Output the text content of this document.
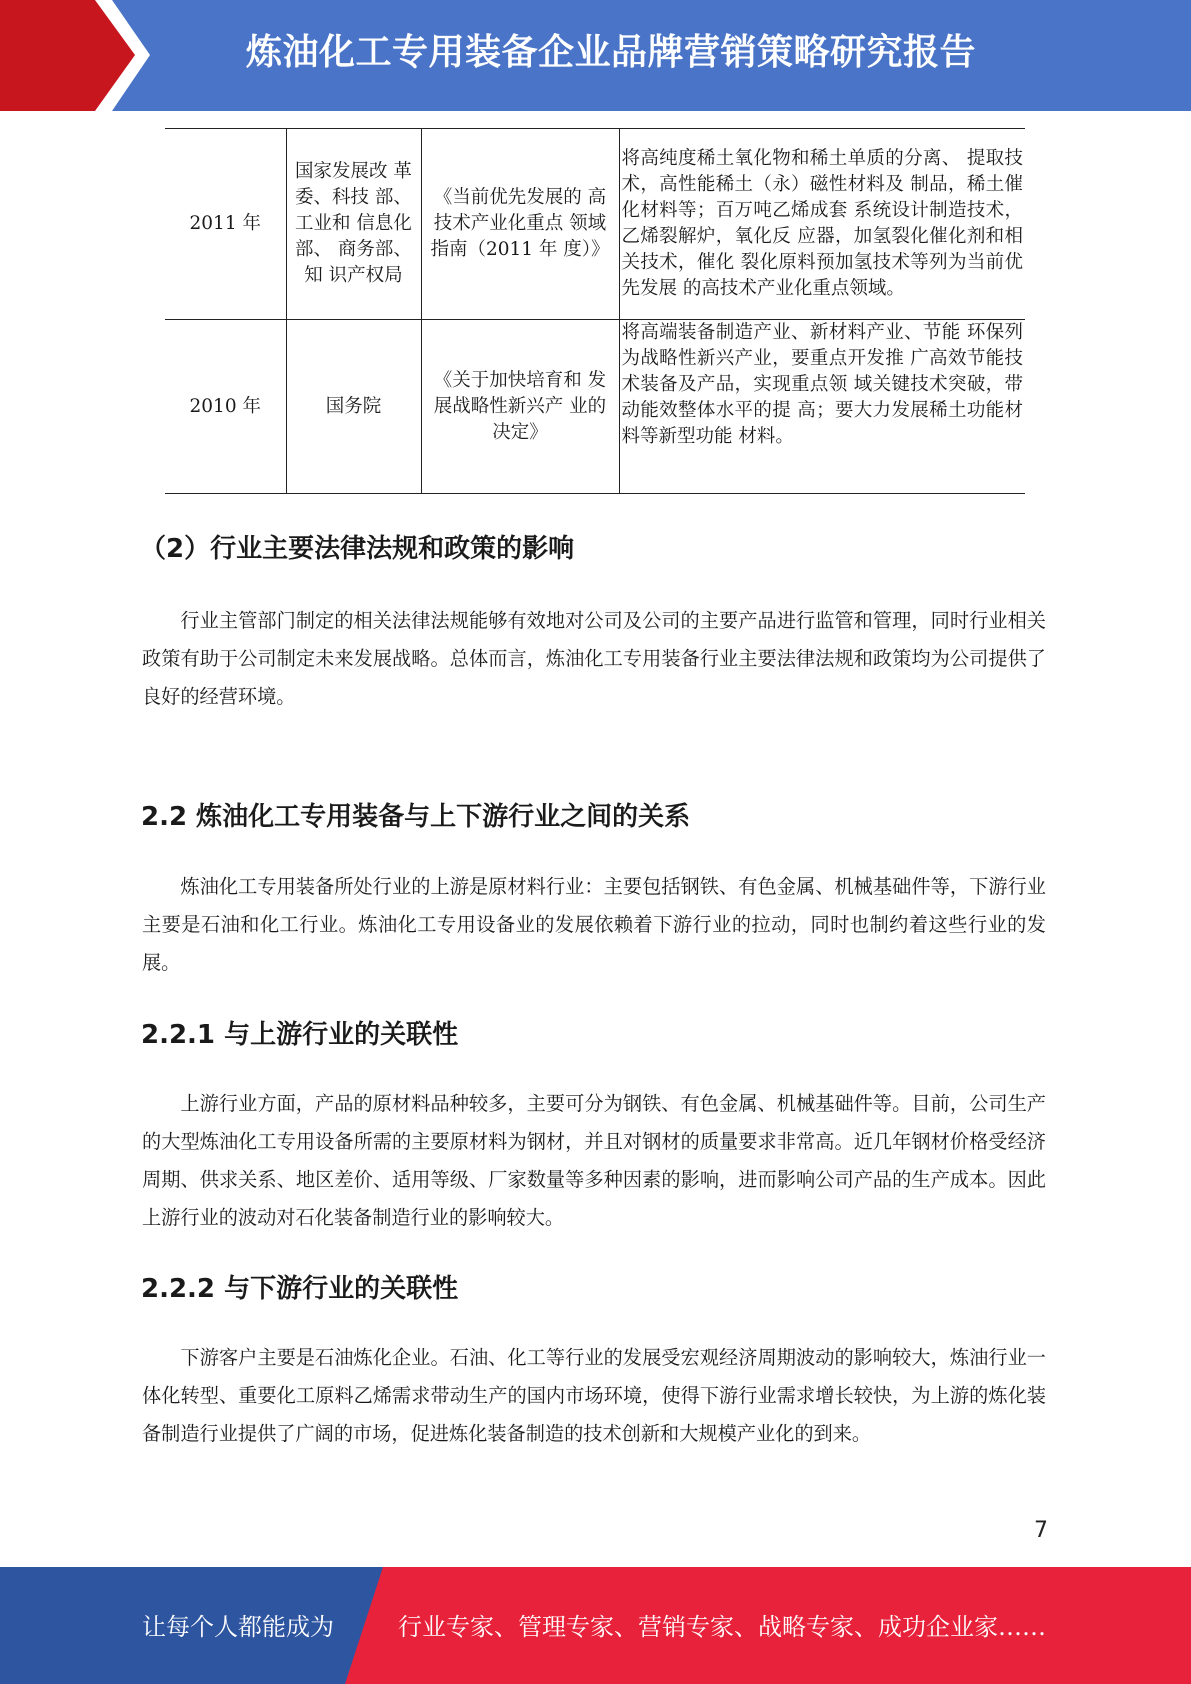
炼油化工专用装备企业品牌营销策略研究报告
2011 年	国家发展改 革委、科技 部、工业和 信息化部、 商务部、知 识产权局	《当前优先发展的 高技术产业化重点 领域指南（2011 年 度）》	将高纯度稀土氧化物和稀土单质的分离、 提取技术，高性能稀土（永）磁性材料及 制品，稀土催化材料等；百万吨乙烯成套 系统设计制造技术，乙烯裂解炉，氧化反 应器，加氢裂化催化剂和相关技术，催化 裂化原料预加氢技术等列为当前优先发展 的高技术产业化重点领域。
2010 年	国务院	《关于加快培育和 发展战略性新兴产 业的决定》	将高端装备制造产业、新材料产业、节能 环保列为战略性新兴产业，要重点开发推 广高效节能技术装备及产品，实现重点领 域关键技术突破，带动能效整体水平的提 高；要大力发展稀土功能材料等新型功能 材料。
（2）行业主要法律法规和政策的影响

行业主管部门制定的相关法律法规能够有效地对公司及公司的主要产品进行监管和管理，同时行业相关政策有助于公司制定未来发展战略。总体而言，炼油化工专用装备行业主要法律法规和政策均为公司提供了良好的经营环境。

2.2 炼油化工专用装备与上下游行业之间的关系

炼油化工专用装备所处行业的上游是原材料行业：主要包括钢铁、有色金属、机械基础件等，下游行业主要是石油和化工行业。炼油化工专用设备业的发展依赖着下游行业的拉动，同时也制约着这些行业的发展。

2.2.1 与上游行业的关联性

上游行业方面，产品的原材料品种较多，主要可分为钢铁、有色金属、机械基础件等。目前，公司生产的大型炼油化工专用设备所需的主要原材料为钢材，并且对钢材的质量要求非常高。近几年钢材价格受经济周期、供求关系、地区差价、适用等级、厂家数量等多种因素的影响，进而影响公司产品的生产成本。因此上游行业的波动对石化装备制造行业的影响较大。

2.2.2 与下游行业的关联性

下游客户主要是石油炼化企业。石油、化工等行业的发展受宏观经济周期波动的影响较大，炼油行业一体化转型、重要化工原料乙烯需求带动生产的国内市场环境，使得下游行业需求增长较快，为上游的炼化装备制造行业提供了广阔的市场，促进炼化装备制造的技术创新和大规模产业化的到来。

7
让每个人都能成为	行业专家、管理专家、营销专家、战略专家、成功企业家……
